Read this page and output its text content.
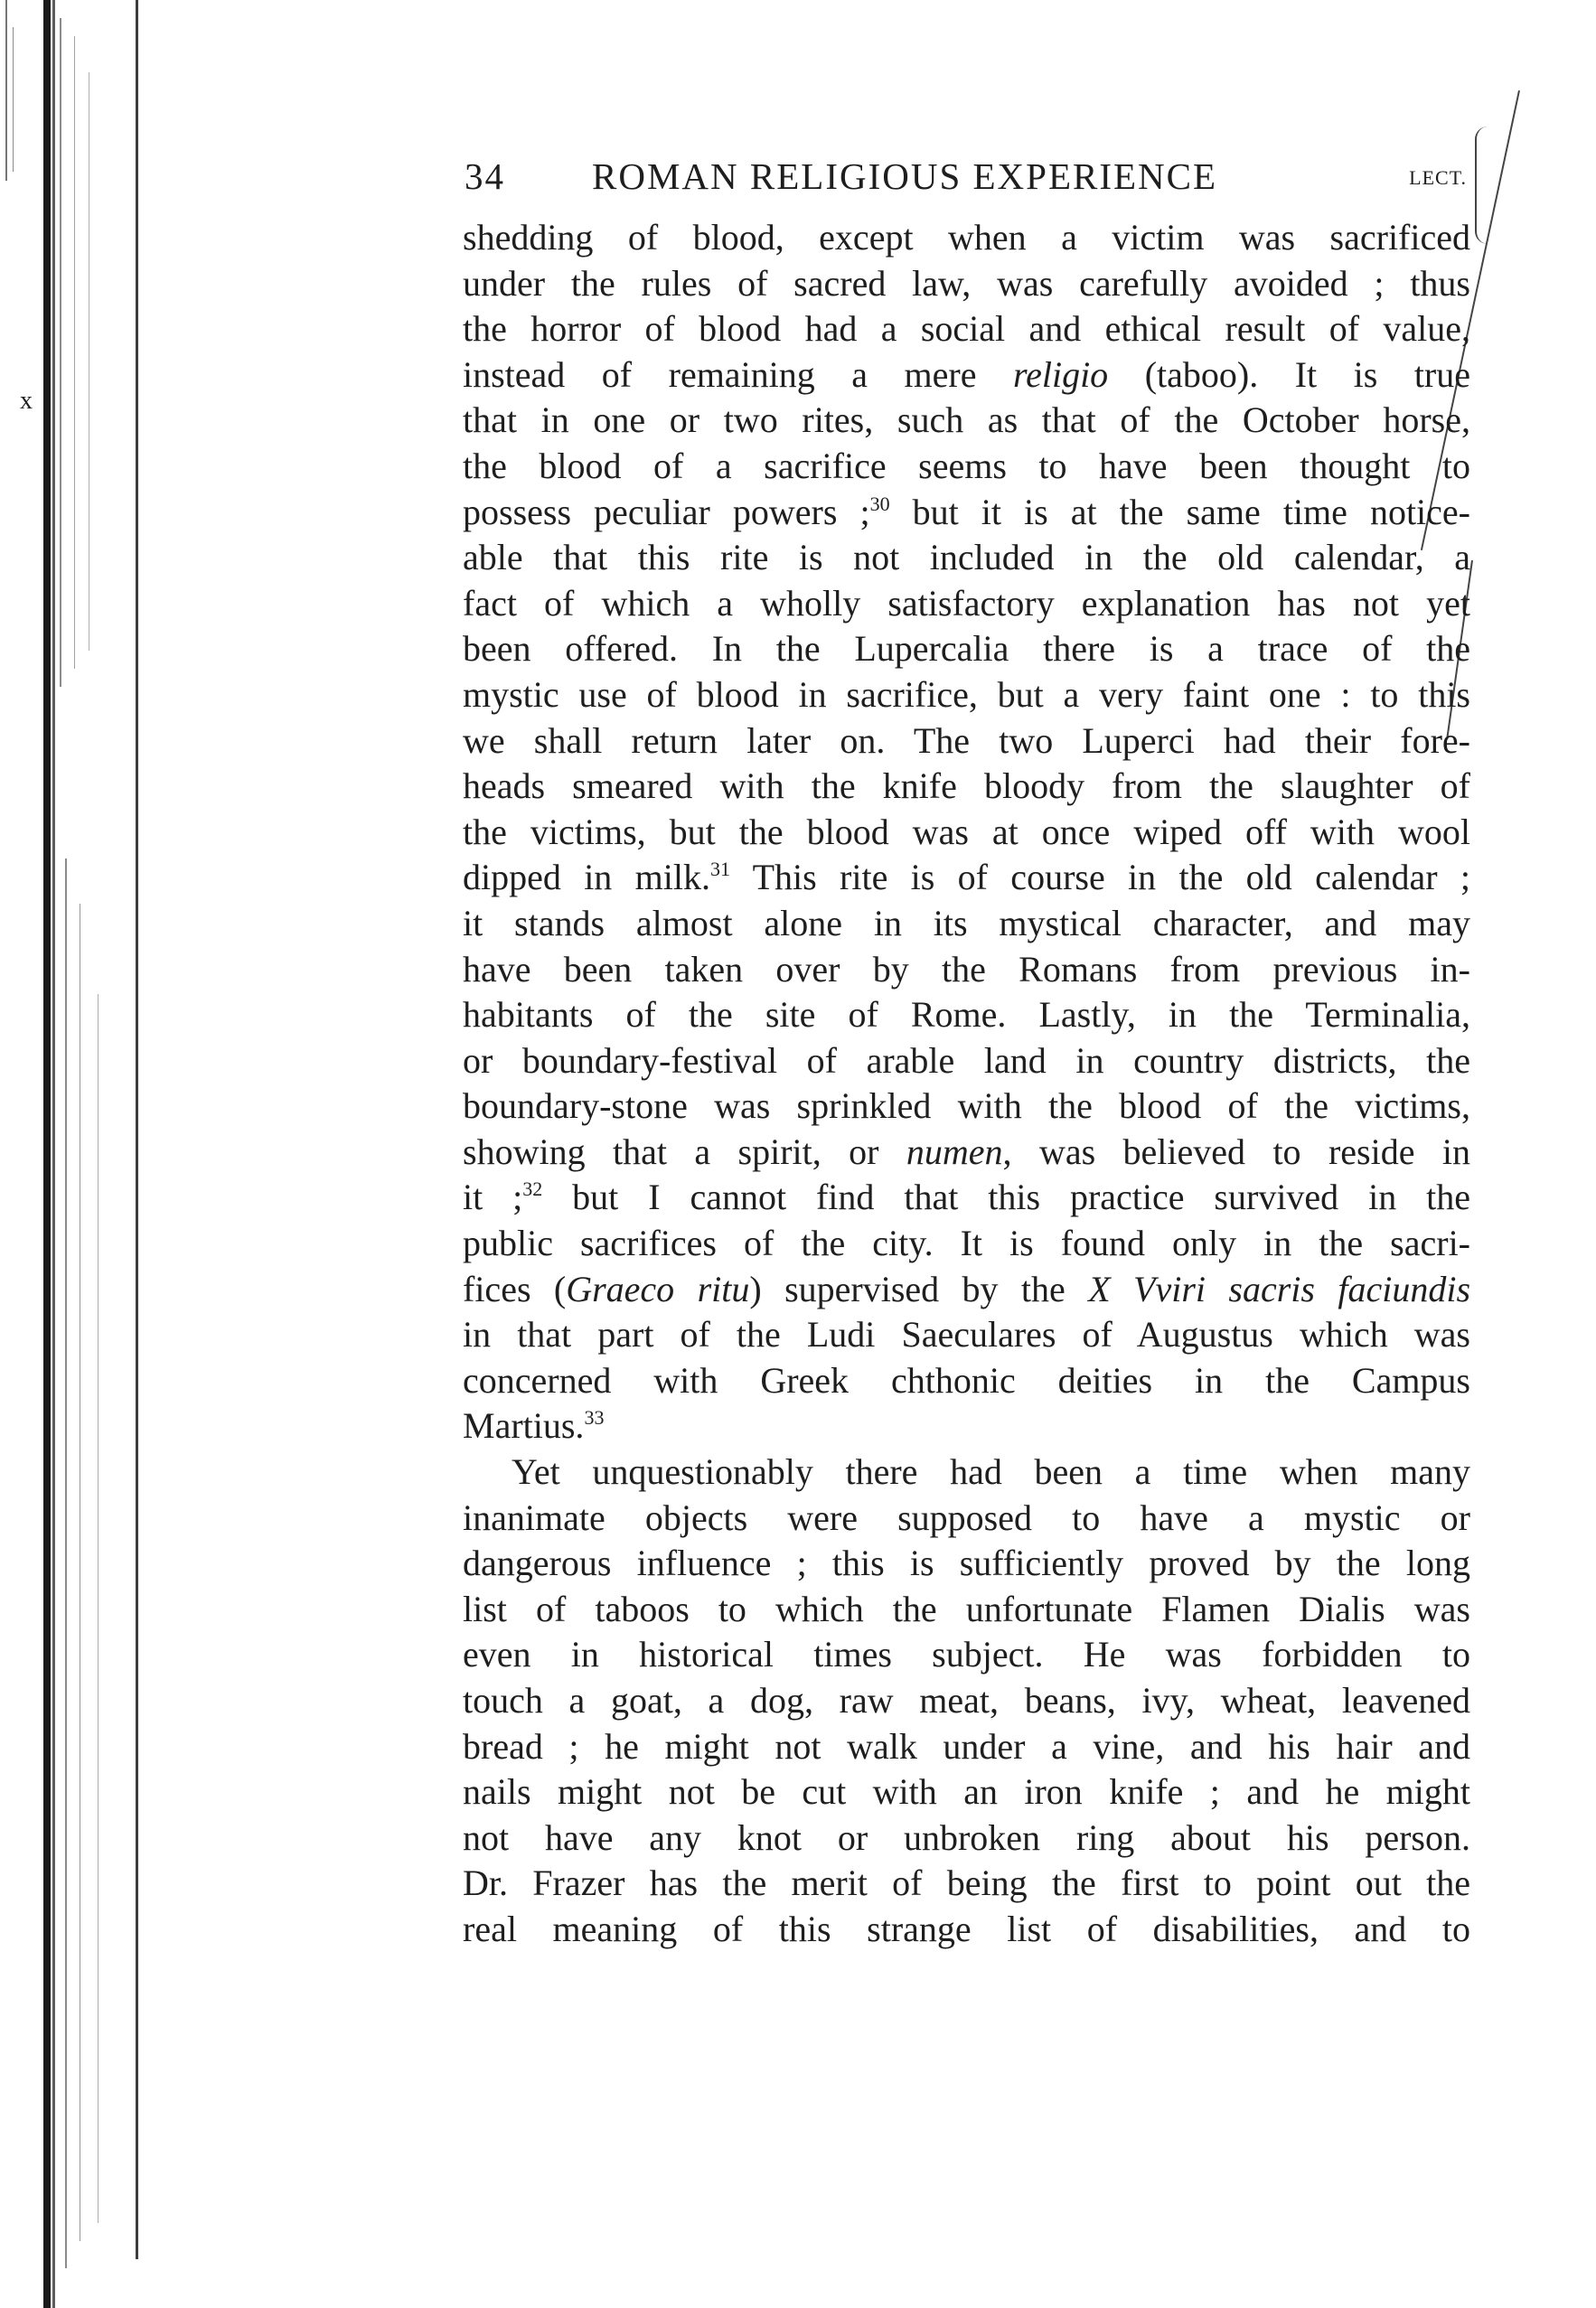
x
34 ROMAN RELIGIOUS EXPERIENCE	LECT.
shedding of blood, except when a victim was sacrificed
under the rules of sacred law, was carefully avoided ; thus
the horror of blood had a social and ethical result of value,
instead of remaining a mere religio (taboo). It is true
that in one or two rites, such as that of the October horse,
the blood of a sacrifice seems to have been thought to
possess peculiar powers ;$^{30}$ but it is at the same time notice-
able that this rite is not included in the old calendar, a
fact of which a wholly satisfactory explanation has not yet
been offered. In the Lupercalia there is a trace of the
mystic use of blood in sacrifice, but a very faint one : to this
we shall return later on. The two Luperci had their fore-
heads smeared with the knife bloody from the slaughter of
the victims, but the blood was at once wiped off with wool
dipped in milk.$^{31}$ This rite is of course in the old calendar ;
it stands almost alone in its mystical character, and may
have been taken over by the Romans from previous in-
habitants of the site of Rome. Lastly, in the Terminalia,
or boundary-festival of arable land in country districts, the
boundary-stone was sprinkled with the blood of the victims,
showing that a spirit, or numen, was believed to reside in
it ;$^{32}$ but I cannot find that this practice survived in the
public sacrifices of the city. It is found only in the sacri-
fices (Graeco ritu) supervised by the X Vviri sacris faciundis
in that part of the Ludi Saeculares of Augustus which was
concerned with Greek chthonic deities in the Campus
Martius.$^{33}$
Yet unquestionably there had been a time when many
inanimate objects were supposed to have a mystic or
dangerous influence ; this is sufficiently proved by the long
list of taboos to which the unfortunate Flamen Dialis was
even in historical times subject. He was forbidden to
touch a goat, a dog, raw meat, beans, ivy, wheat, leavened
bread ; he might not walk under a vine, and his hair and
nails might not be cut with an iron knife ; and he might
not have any knot or unbroken ring about his person.
Dr. Frazer has the merit of being the first to point out the
real meaning of this strange list of disabilities, and to
